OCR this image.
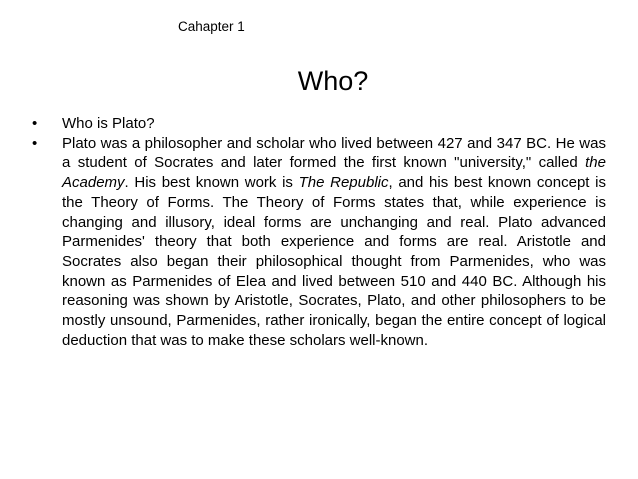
Cahapter 1
Who?
•	Who is Plato?
•	Plato was a philosopher and scholar who lived between 427 and 347 BC. He was a student of Socrates and later formed the first known "university," called the Academy. His best known work is The Republic, and his best known concept is the Theory of Forms. The Theory of Forms states that, while experience is changing and illusory, ideal forms are unchanging and real. Plato advanced Parmenides' theory that both experience and forms are real. Aristotle and Socrates also began their philosophical thought from Parmenides, who was known as Parmenides of Elea and lived between 510 and 440 BC. Although his reasoning was shown by Aristotle, Socrates, Plato, and other philosophers to be mostly unsound, Parmenides, rather ironically, began the entire concept of logical deduction that was to make these scholars well-known.
